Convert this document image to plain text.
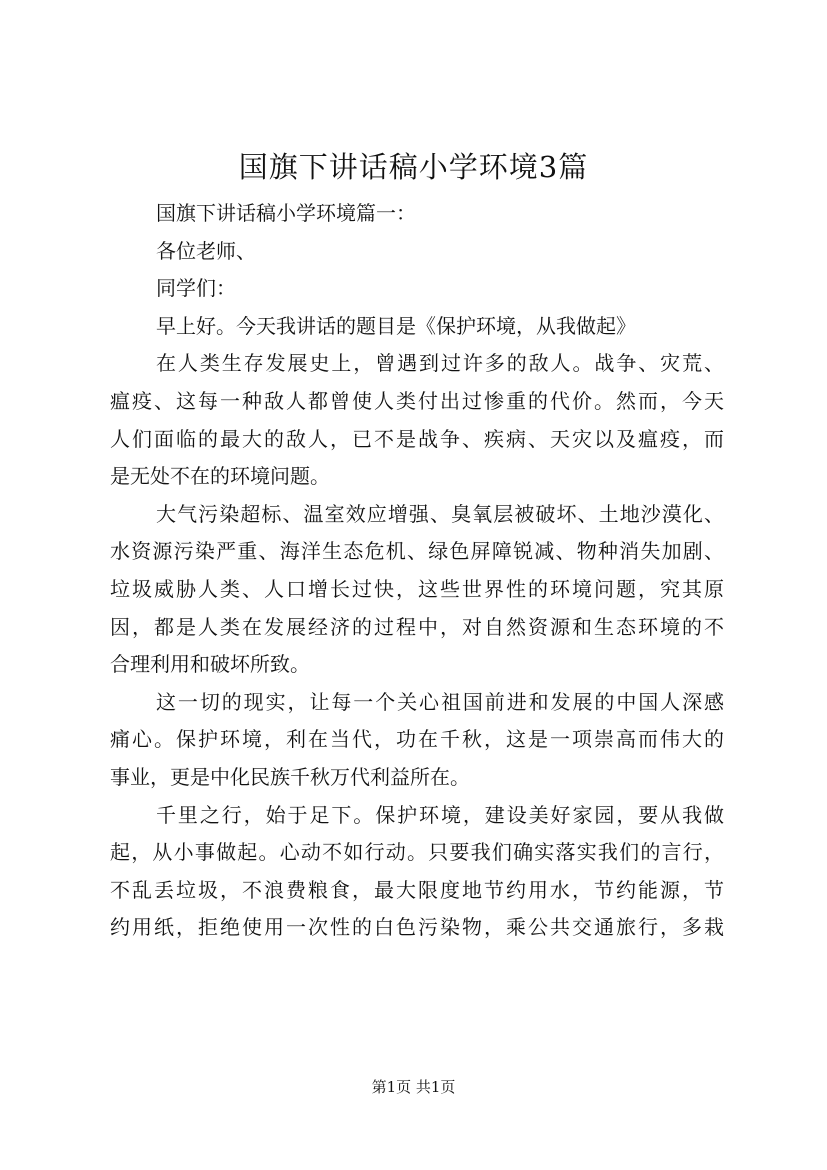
国旗下讲话稿小学环境3篇

国旗下讲话稿小学环境篇一：

各位老师、

同学们：

早上好。今天我讲话的题目是《保护环境，从我做起》

在人类生存发展史上，曾遇到过许多的敌人。战争、灾荒、

瘟疫、这每一种敌人都曾使人类付出过惨重的代价。然而，今天

人们面临的最大的敌人，已不是战争、疾病、天灾以及瘟疫，而

是无处不在的环境问题。

大气污染超标、温室效应增强、臭氧层被破坏、土地沙漠化、

水资源污染严重、海洋生态危机、绿色屏障锐减、物种消失加剧、

垃圾威胁人类、人口增长过快，这些世界性的环境问题，究其原

因，都是人类在发展经济的过程中，对自然资源和生态环境的不

合理利用和破坏所致。

这一切的现实，让每一个关心祖国前进和发展的中国人深感

痛心。保护环境，利在当代，功在千秋，这是一项崇高而伟大的

事业，更是中化民族千秋万代利益所在。

千里之行，始于足下。保护环境，建设美好家园，要从我做

起，从小事做起。心动不如行动。只要我们确实落实我们的言行，

不乱丢垃圾，不浪费粮食，最大限度地节约用水，节约能源，节

约用纸，拒绝使用一次性的白色污染物，乘公共交通旅行，多栽

第1页 共1页
